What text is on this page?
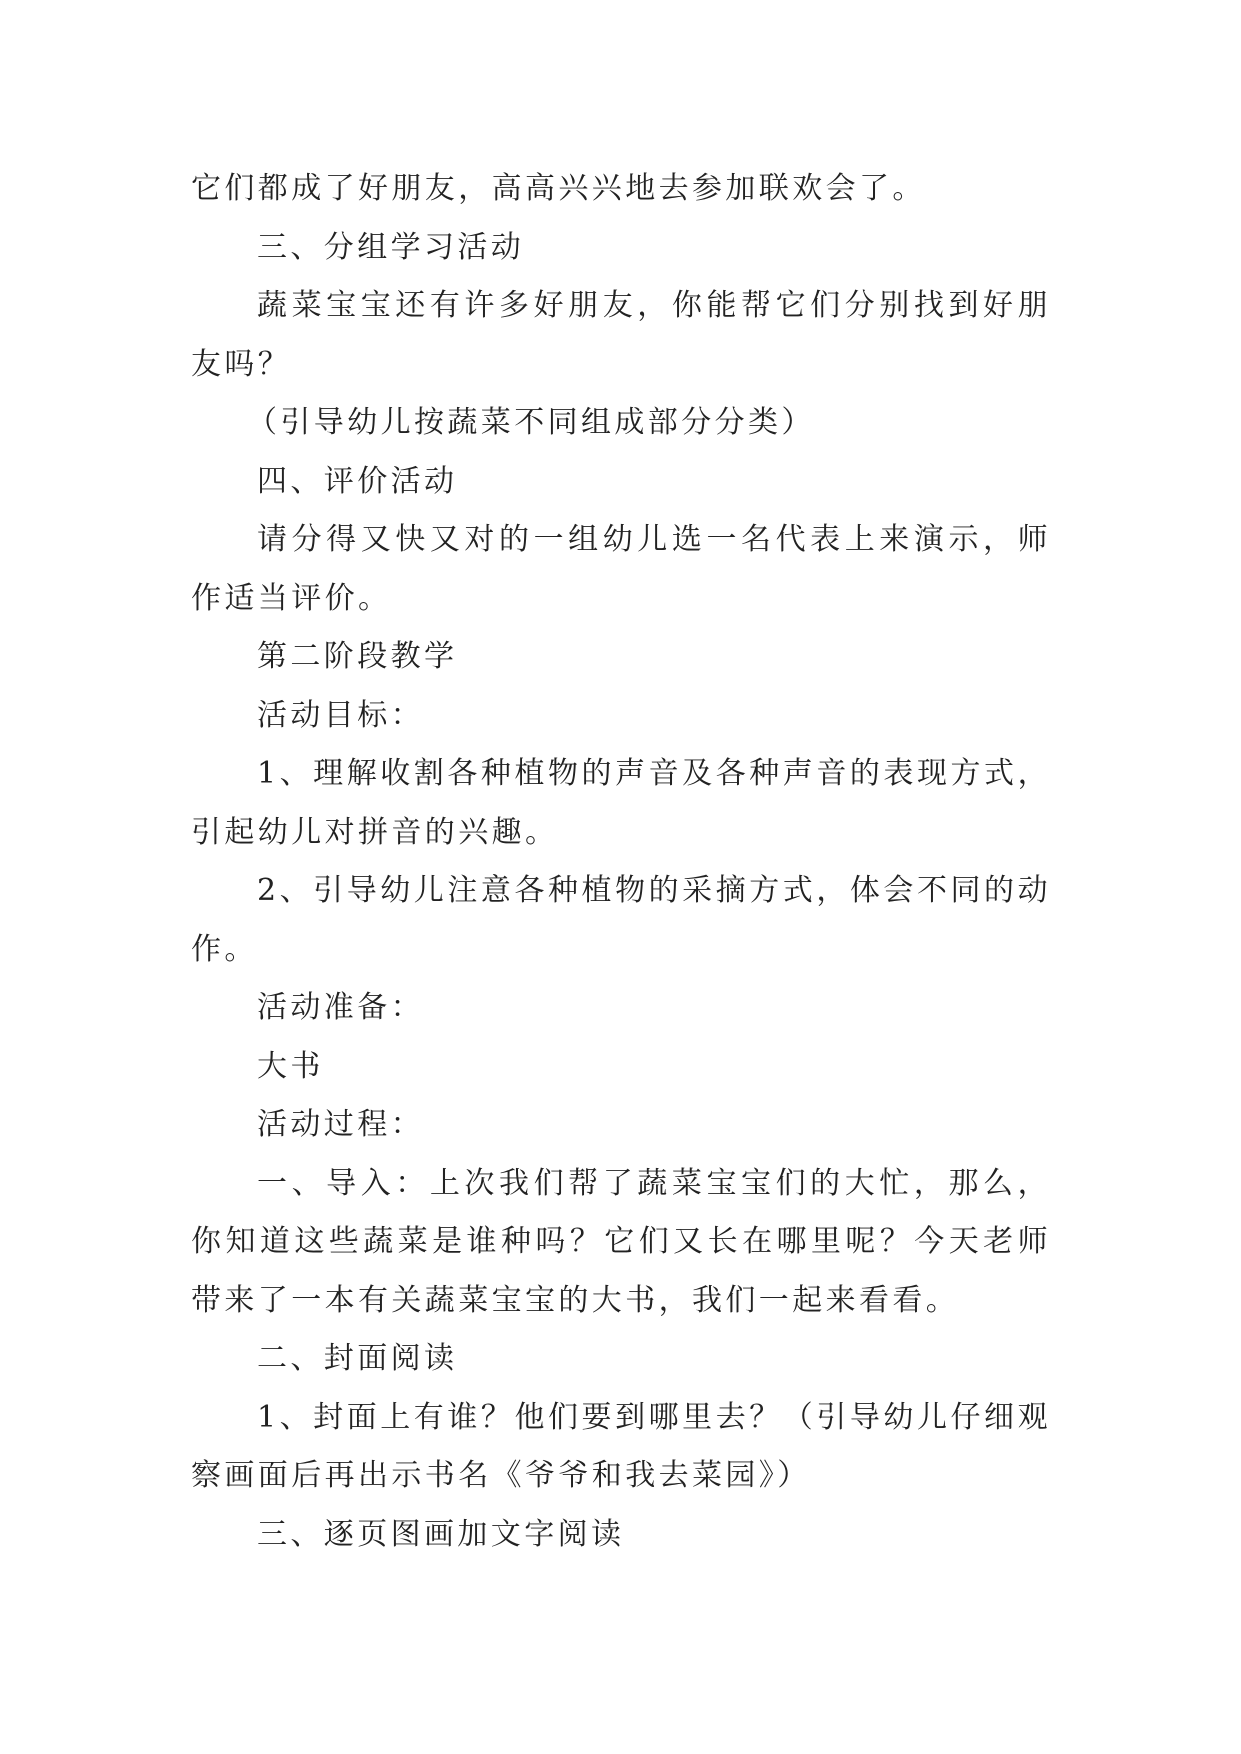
它们都成了好朋友，高高兴兴地去参加联欢会了。

三、分组学习活动

蔬菜宝宝还有许多好朋友，你能帮它们分别找到好朋友吗？

（引导幼儿按蔬菜不同组成部分分类）

四、评价活动

请分得又快又对的一组幼儿选一名代表上来演示，师作适当评价。

第二阶段教学

活动目标：

1、理解收割各种植物的声音及各种声音的表现方式，引起幼儿对拼音的兴趣。

2、引导幼儿注意各种植物的采摘方式，体会不同的动作。

活动准备：

大书

活动过程：

一、导入：上次我们帮了蔬菜宝宝们的大忙，那么，你知道这些蔬菜是谁种吗？它们又长在哪里呢？今天老师带来了一本有关蔬菜宝宝的大书，我们一起来看看。

二、封面阅读

1、封面上有谁？他们要到哪里去？（引导幼儿仔细观察画面后再出示书名《爷爷和我去菜园》）

三、逐页图画加文字阅读
